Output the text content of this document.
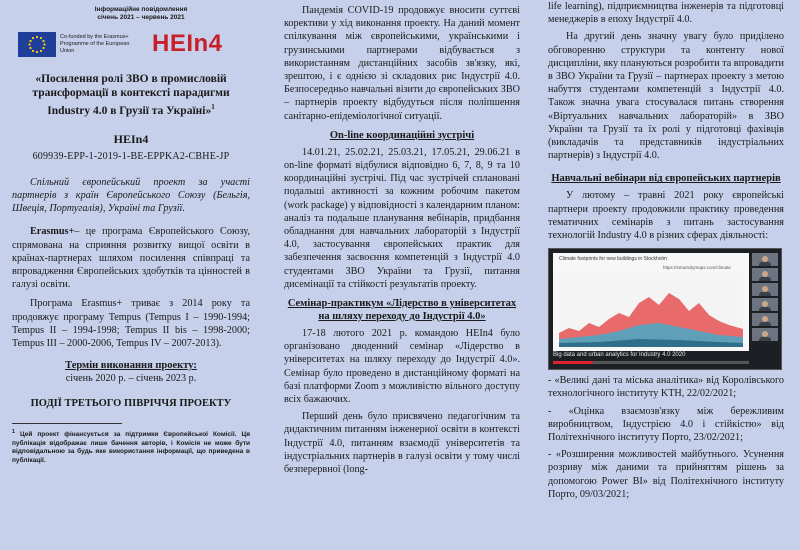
Інформаційне повідомлення
січень 2021 – червень 2021
Co-funded by the Erasmus+ Programme of the European Union	HEIn4
«Посилення ролі ЗВО в промисловій трансформації в контексті парадигми Industry 4.0 в Грузії та Україні»$^1$
HEIn4
609939-EPP-1-2019-1-BE-EPPKA2-CBHE-JP

Спільний європейський проект за участі партнерів з країн Європейського Союзу (Бельгія, Швеція, Португалія), Україні та Грузії.

Erasmus+– це програма Європейського Союзу, спрямована на сприяння розвитку вищої освіти в країнах-партнерах шляхом посилення співпраці та впровадження Європейських здобутків та цінностей в галузі освіти.

Програма Erasmus+ триває з 2014 року та продовжує програму Tempus (Tempus I – 1990-1994; Tempus II – 1994-1998; Tempus II bis – 1998-2000; Tempus III – 2000-2006, Tempus IV – 2007-2013).

Термін виконання проекту:
січень 2020 р. – січень 2023 р.
ПОДІЇ ТРЕТЬОГО ПІВРІЧЧЯ ПРОЕКТУ
$^1$ Цей проект фінансується за підтримки Європейської Комісії. Ця публікація відображає лише бачення авторів, і Комісія не може бути відповідальною за будь яке використання інформації, що приведена в публікації.

Пандемія COVID-19 продовжує вносити суттєві корективи у хід виконання проекту. На даний момент спілкування між європейськими, українськими і грузинськими партнерами відбувається з використанням дистанційних засобів зв'язку, які, зрештою, і є однією зі складових рис Індустрії 4.0. Безпосередньо навчальні візити до європейських ЗВО – партнерів проекту відбудуться після поліпшення санітарно-епідеміологічної ситуації.

On-line координаційні зустрічі

14.01.21, 25.02.21, 25.03.21, 17.05.21, 29.06.21 в on-line форматі відбулися відповідно 6, 7, 8, 9 та 10 координаційні зустрічі. Під час зустрічей сплановані подальші активності за кожним робочим пакетом (work package) у відповідності з календарним планом: аналіз та подальше планування вебінарів, придбання обладнання для навчальних лабораторій з Індустрії 4.0, застосування європейських практик для забезпечення засвоєння компетенцій з Індустрії 4.0 студентами ЗВО України та Грузії, питання дисемінації та стійкості результатів проекту.

Семінар-практикум «Лідерство в університетах на шляху переходу до Індустрії 4.0»

17-18 лютого 2021 р. командою HEIn4 було організовано дводенний семінар «Лідерство в університетах на шляху переходу до Індустрії 4.0». Семінар було проведено в дистанційному форматі на базі платформи Zoom з можливістю вільного доступу всіх бажаючих.

Перший день було присвячено педагогічним та дидактичним питанням інженерної освіти в контексті Індустрії 4.0, питанням взаємодії університетів та індустріальних партнерів в галузі освіти у тому числі безперервної (long-

life learning), підприємництва інженерів та підготовці менеджерів в епоху Індустрії 4.0.

На другий день значну увагу було приділено обговоренню структури та контенту нової дисципліни, яку плануються розробити та впровадити в ЗВО України та Грузії – партнерах проекту з метою набуття студентами компетенцій з Індустрії 4.0. Також значна увага стосувалася питань створення «Віртуальних навчальних лабораторій» в ЗВО України та Грузії та їх ролі у підготовці фахівців (викладачів та представників індустріальних партнерів) з Індустрії 4.0.

Навчальні вебінари від європейських партнерів

У лютому – травні 2021 року європейські партнери проекту продовжили практику проведення тематичних семінарів з питань застосування технологій Industry 4.0 в різних сферах діяльності:

Climate footprints for new buildings in Stockholm
https://smartcitymaps.com/climate
Big data and urban analytics for Industry 4.0 2020

- «Великі дані та міська аналітика» від Королівського технологічного інституту KTH, 22/02/2021;

- «Оцінка взаємозв'язку між бережливим виробництвом, Індустрією 4.0 і стійкістю» від Політехнічного інституту Порто, 23/02/2021;

- «Розширення можливостей майбутнього. Усунення розриву між даними та прийняттям рішень за допомогою Power BI» від Політехнічного інституту Порто, 09/03/2021;
